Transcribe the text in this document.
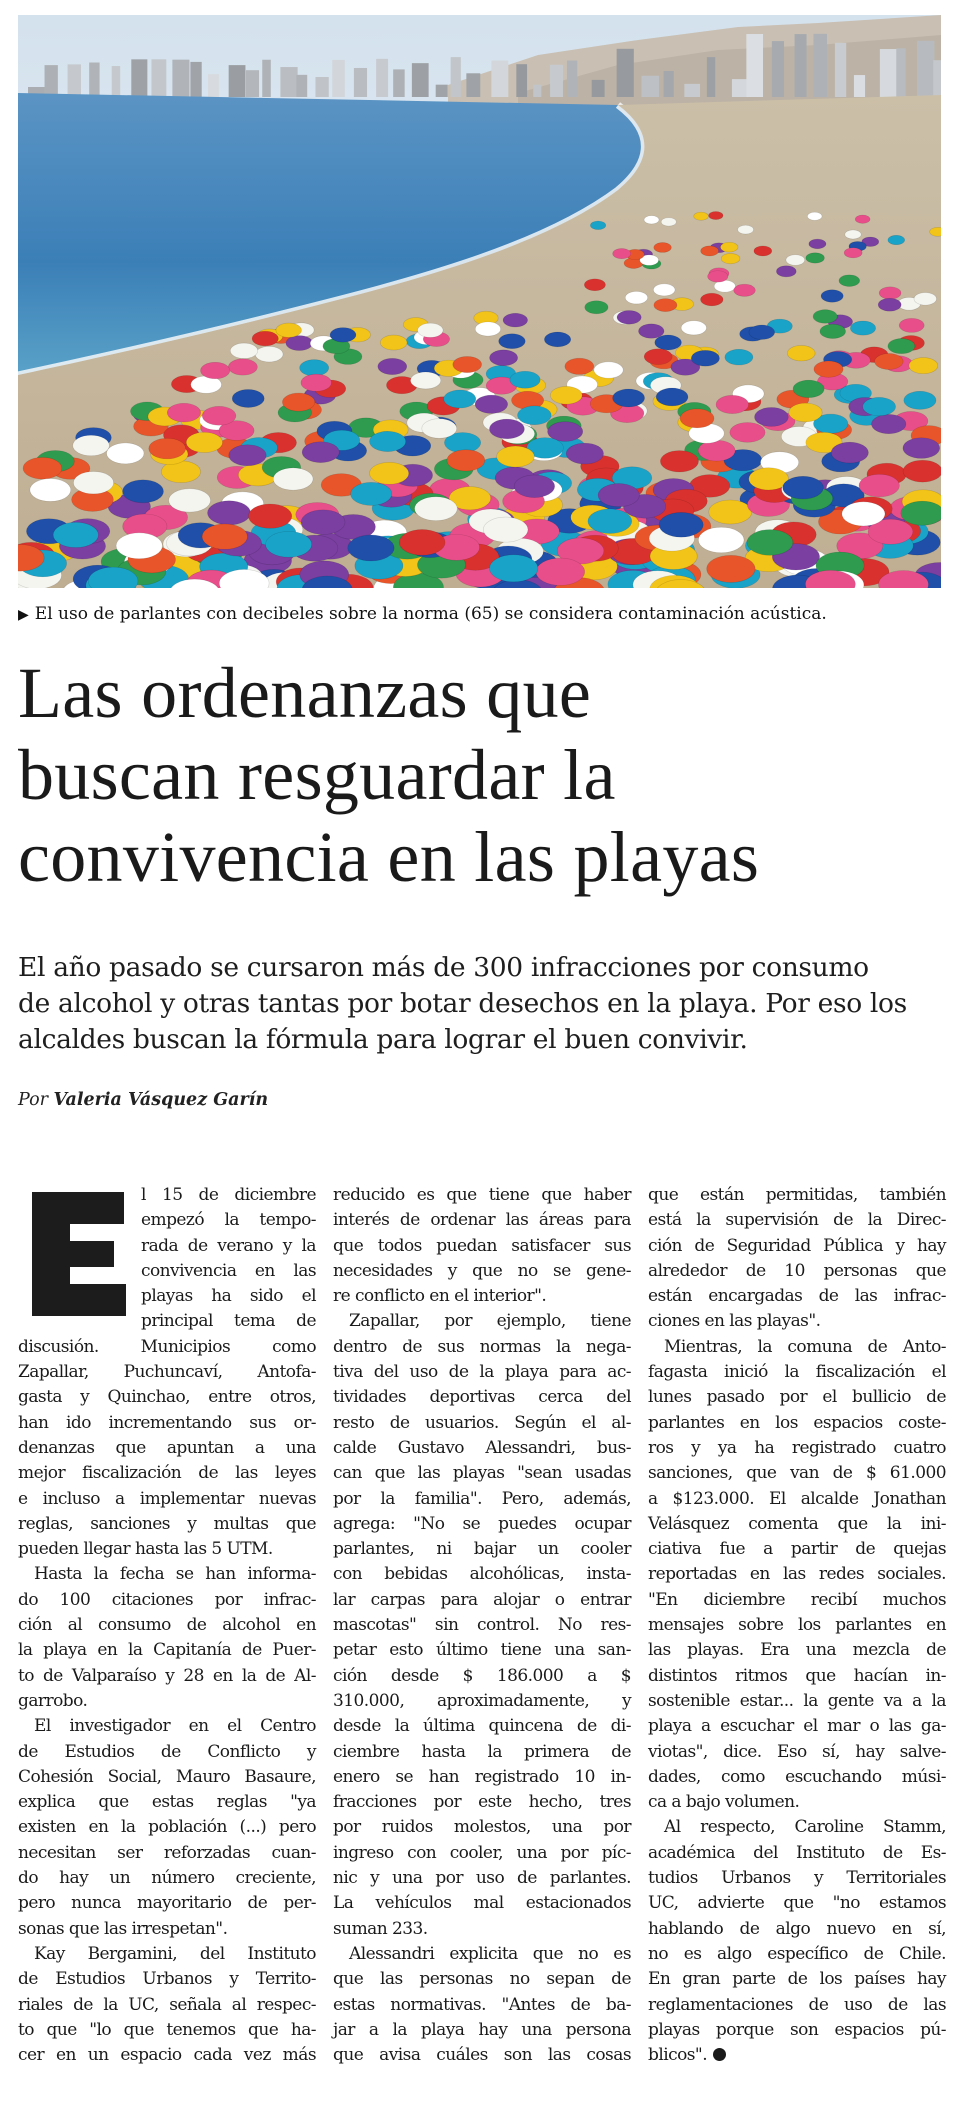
▶ El uso de parlantes con decibeles sobre la norma (65) se considera contaminación acústica.
Las ordenanzas que
buscan resguardar la
convivencia en las playas

El año pasado se cursaron más de 300 infracciones por consumo
de alcohol y otras tantas por botar desechos en la playa. Por eso los
alcaldes buscan la fórmula para lograr el buen convivir.

Por Valeria Vásquez Garín
l 15 de diciembre
empezó la tempo-
rada de verano y la
convivencia en las
playas ha sido el
principal tema de
discusión. Municipios como
Zapallar, Puchuncaví, Antofa-
gasta y Quinchao, entre otros,
han ido incrementando sus or-
denanzas que apuntan a una
mejor fiscalización de las leyes
e incluso a implementar nuevas
reglas, sanciones y multas que
pueden llegar hasta las 5 UTM.
Hasta la fecha se han informa-
do 100 citaciones por infrac-
ción al consumo de alcohol en
la playa en la Capitanía de Puer-
to de Valparaíso y 28 en la de Al-
garrobo.
El investigador en el Centro
de Estudios de Conflicto y
Cohesión Social, Mauro Basaure,
explica que estas reglas "ya
existen en la población (...) pero
necesitan ser reforzadas cuan-
do hay un número creciente,
pero nunca mayoritario de per-
sonas que las irrespetan".
Kay Bergamini, del Instituto
de Estudios Urbanos y Territo-
riales de la UC, señala al respec-
to que "lo que tenemos que ha-
cer en un espacio cada vez más
reducido es que tiene que haber
interés de ordenar las áreas para
que todos puedan satisfacer sus
necesidades y que no se gene-
re conflicto en el interior".
Zapallar, por ejemplo, tiene
dentro de sus normas la nega-
tiva del uso de la playa para ac-
tividades deportivas cerca del
resto de usuarios. Según el al-
calde Gustavo Alessandri, bus-
can que las playas "sean usadas
por la familia". Pero, además,
agrega: "No se puedes ocupar
parlantes, ni bajar un cooler
con bebidas alcohólicas, insta-
lar carpas para alojar o entrar
mascotas" sin control. No res-
petar esto último tiene una san-
ción desde $ 186.000 a $
310.000, aproximadamente, y
desde la última quincena de di-
ciembre hasta la primera de
enero se han registrado 10 in-
fracciones por este hecho, tres
por ruidos molestos, una por
ingreso con cooler, una por píc-
nic y una por uso de parlantes.
La vehículos mal estacionados
suman 233.
Alessandri explicita que no es
que las personas no sepan de
estas normativas. "Antes de ba-
jar a la playa hay una persona
que avisa cuáles son las cosas
que están permitidas, también
está la supervisión de la Direc-
ción de Seguridad Pública y hay
alrededor de 10 personas que
están encargadas de las infrac-
ciones en las playas".
Mientras, la comuna de Anto-
fagasta inició la fiscalización el
lunes pasado por el bullicio de
parlantes en los espacios coste-
ros y ya ha registrado cuatro
sanciones, que van de $ 61.000
a $123.000. El alcalde Jonathan
Velásquez comenta que la ini-
ciativa fue a partir de quejas
reportadas en las redes sociales.
"En diciembre recibí muchos
mensajes sobre los parlantes en
las playas. Era una mezcla de
distintos ritmos que hacían in-
sostenible estar... la gente va a la
playa a escuchar el mar o las ga-
viotas", dice. Eso sí, hay salve-
dades, como escuchando músi-
ca a bajo volumen.
Al respecto, Caroline Stamm,
académica del Instituto de Es-
tudios Urbanos y Territoriales
UC, advierte que "no estamos
hablando de algo nuevo en sí,
no es algo específico de Chile.
En gran parte de los países hay
reglamentaciones de uso de las
playas porque son espacios pú-
blicos".
